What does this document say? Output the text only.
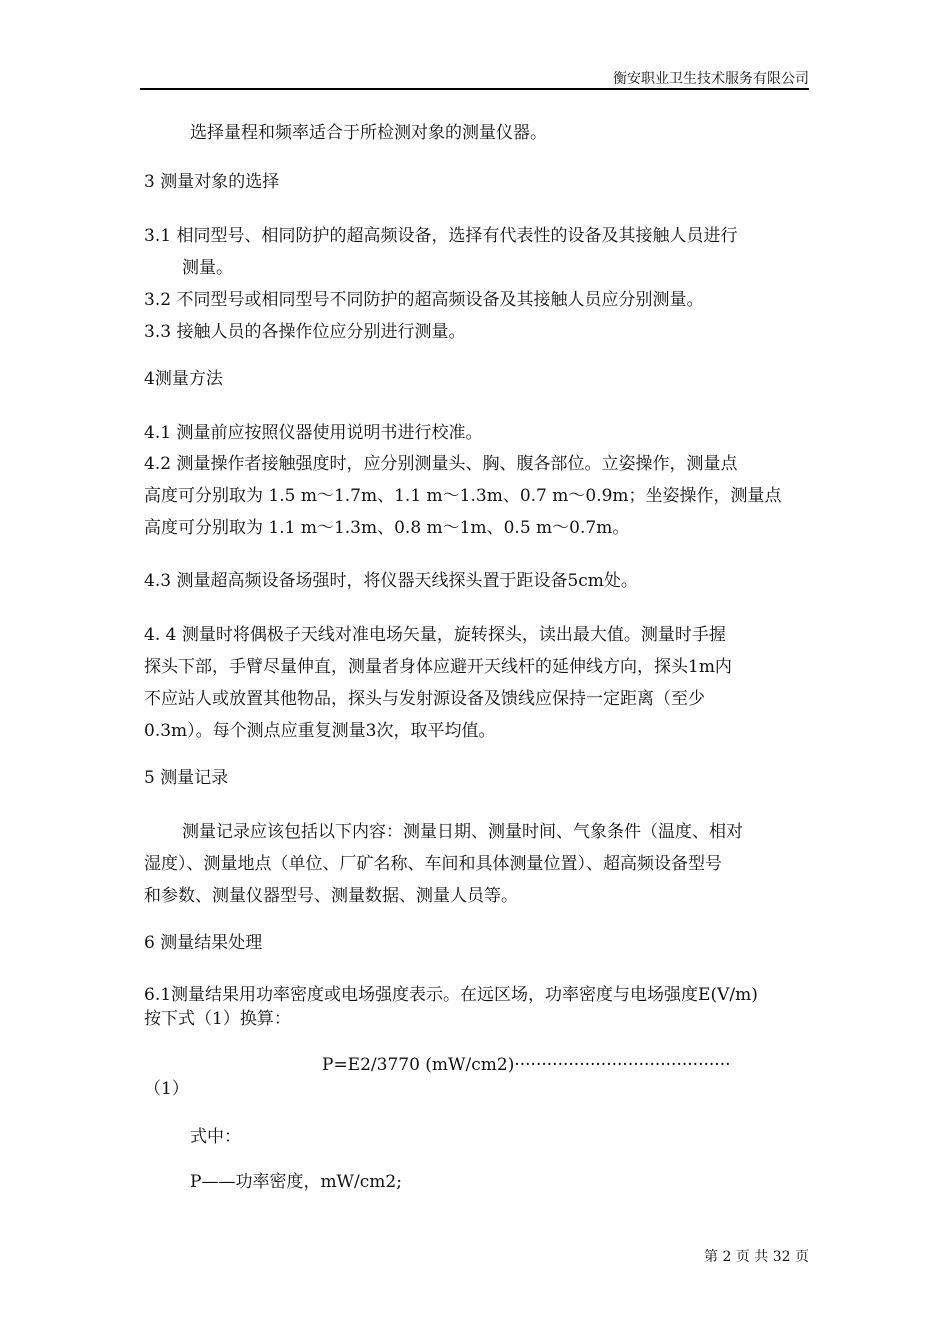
衡安职业卫生技术服务有限公司
选择量程和频率适合于所检测对象的测量仪器。
3 测量对象的选择
3.1 相同型号、相同防护的超高频设备，选择有代表性的设备及其接触人员进行
测量。
3.2 不同型号或相同型号不同防护的超高频设备及其接触人员应分别测量。
3.3 接触人员的各操作位应分别进行测量。
4测量方法
4.1 测量前应按照仪器使用说明书进行校准。
4.2 测量操作者接触强度时，应分别测量头、胸、腹各部位。立姿操作，测量点
高度可分别取为 1.5 m～1.7m、1.1 m～1.3m、0.7 m～0.9m；坐姿操作，测量点
高度可分别取为 1.1 m～1.3m、0.8 m～1m、0.5 m～0.7m。
4.3 测量超高频设备场强时，将仪器天线探头置于距设备5cm处。
4. 4 测量时将偶极子天线对准电场矢量，旋转探头，读出最大值。测量时手握
探头下部，手臂尽量伸直，测量者身体应避开天线杆的延伸线方向，探头1m内
不应站人或放置其他物品，探头与发射源设备及馈线应保持一定距离（至少
0.3m）。每个测点应重复测量3次，取平均值。
5 测量记录
测量记录应该包括以下内容：测量日期、测量时间、气象条件（温度、相对
湿度）、测量地点（单位、厂矿名称、车间和具体测量位置）、超高频设备型号
和参数、测量仪器型号、测量数据、测量人员等。
6 测量结果处理
6.1测量结果用功率密度或电场强度表示。在远区场，功率密度与电场强度E(V/m)
按下式（1）换算：
P=E2/3770 (mW/cm2)········································
（1）
式中：
P——功率密度，mW/cm2;
第 2 页 共 32 页
